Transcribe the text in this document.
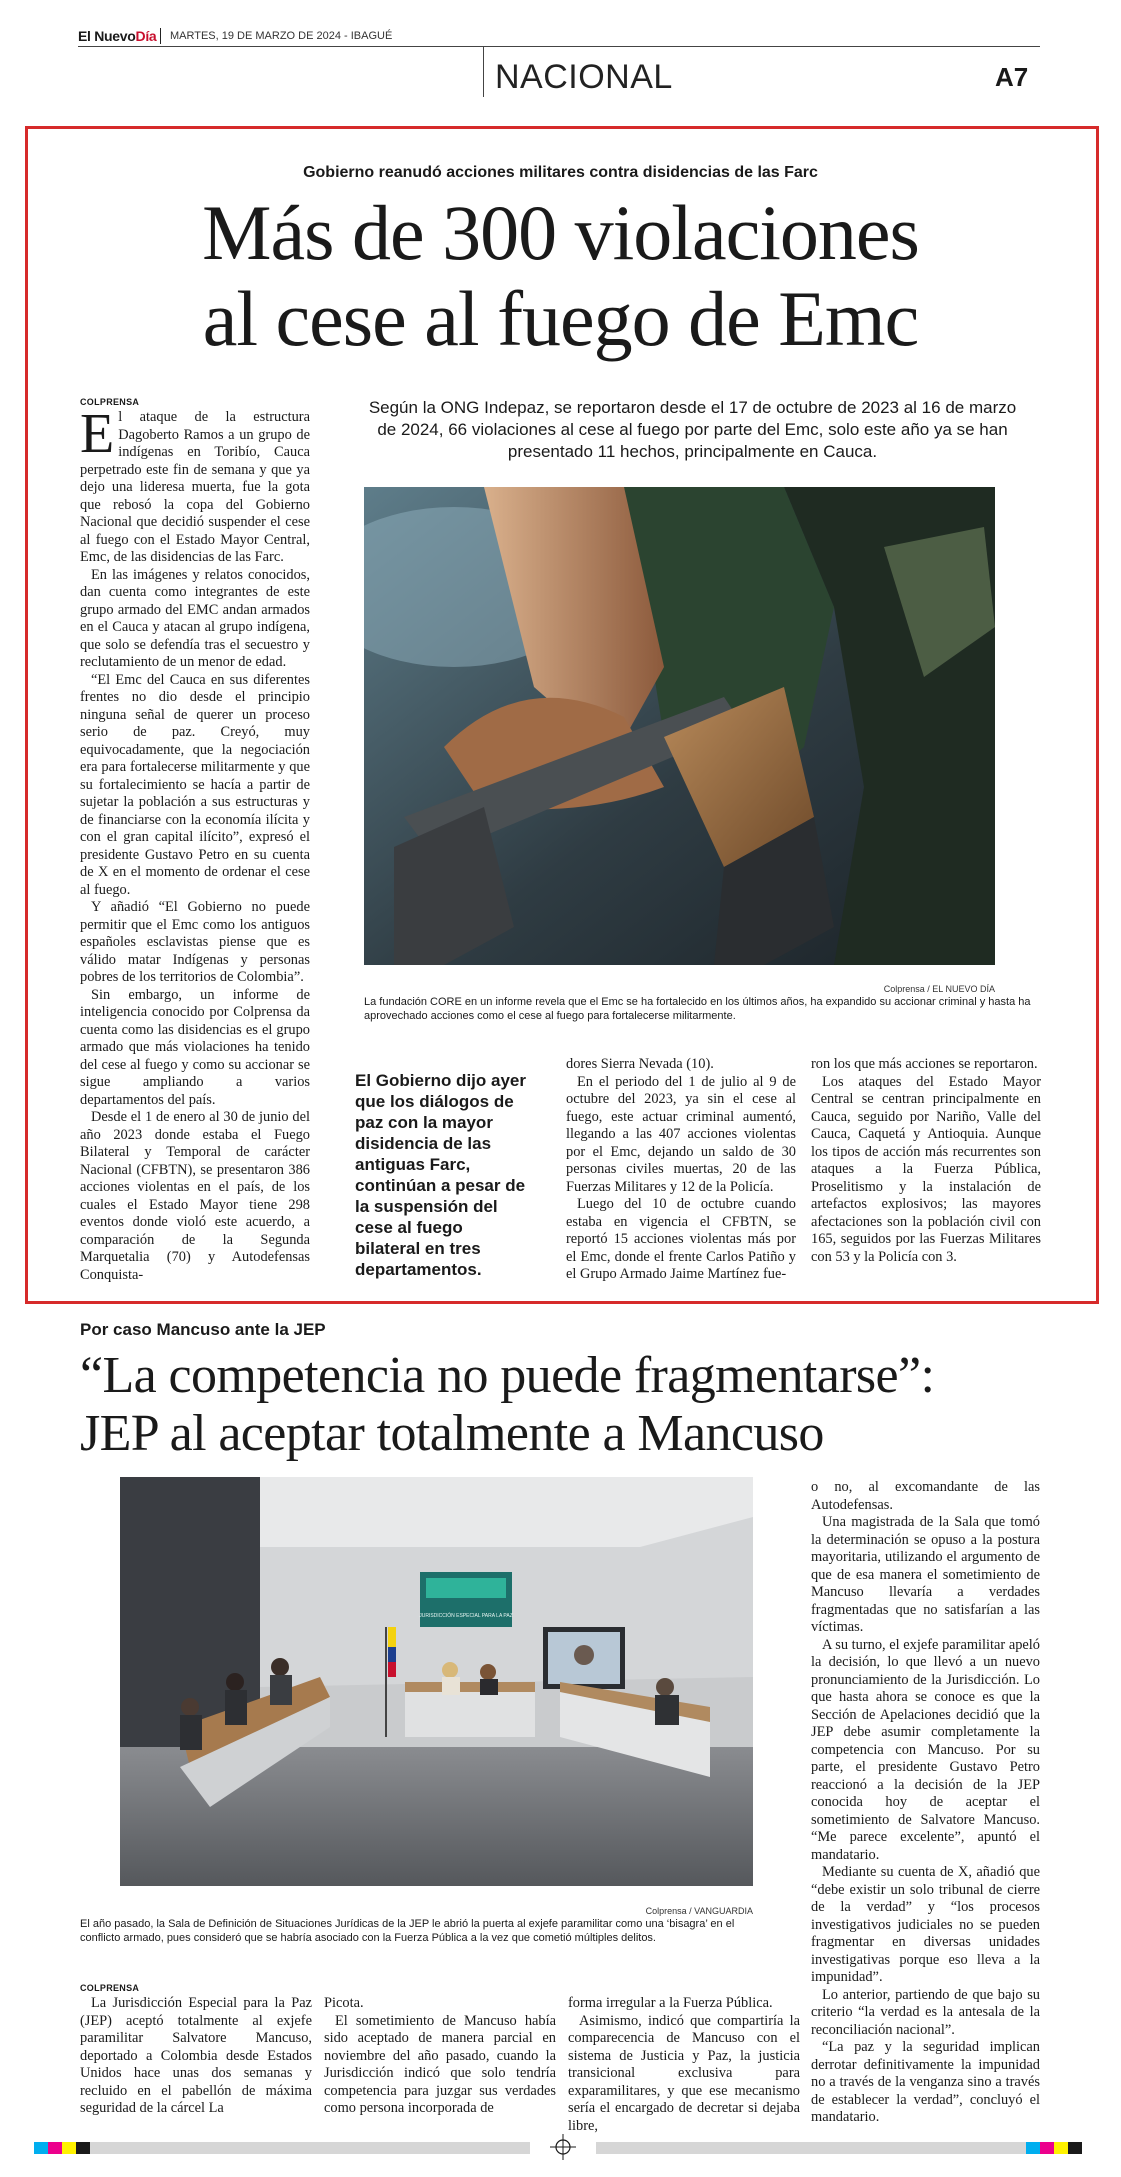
El NuevoDía MARTES, 19 DE MARZO DE 2024 - IBAGUÉ
NACIONAL	A7
Gobierno reanudó acciones militares contra disidencias de las Farc
Más de 300 violaciones
al cese al fuego de Emc
COLPRENSA

El ataque de la estructura Dagoberto Ramos a un grupo de indígenas en Toribío, Cauca perpetrado este fin de semana y que ya dejo una lideresa muerta, fue la gota que rebosó la copa del Gobierno Nacional que decidió suspender el cese al fuego con el Estado Mayor Central, Emc, de las disidencias de las Farc.

En las imágenes y relatos conocidos, dan cuenta como integrantes de este grupo armado del EMC andan armados en el Cauca y atacan al grupo indígena, que solo se defendía tras el secuestro y reclutamiento de un menor de edad.

“El Emc del Cauca en sus diferentes frentes no dio desde el principio ninguna señal de querer un proceso serio de paz. Creyó, muy equivocadamente, que la negociación era para fortalecerse militarmente y que su fortalecimiento se hacía a partir de sujetar la población a sus estructuras y de financiarse con la economía ilícita y con el gran capital ilícito”, expresó el presidente Gustavo Petro en su cuenta de X en el momento de ordenar el cese al fuego.

Y añadió “El Gobierno no puede permitir que el Emc como los antiguos españoles esclavistas piense que es válido matar Indígenas y personas pobres de los territorios de Colombia”.

Sin embargo, un informe de inteligencia conocido por Colprensa da cuenta como las disidencias es el grupo armado que más violaciones ha tenido del cese al fuego y como su accionar se sigue ampliando a varios departamentos del país.

Desde el 1 de enero al 30 de junio del año 2023 donde estaba el Fuego Bilateral y Temporal de carácter Nacional (CFBTN), se presentaron 386 acciones violentas en el país, de los cuales el Estado Mayor tiene 298 eventos donde violó este acuerdo, a comparación de la Segunda Marquetalia (70) y Autodefensas Conquista-

Según la ONG Indepaz, se reportaron desde el 17 de octubre de 2023 al 16 de marzo de 2024, 66 violaciones al cese al fuego por parte del Emc, solo este año ya se han presentado 11 hechos, principalmente en Cauca.
Colprensa / EL NUEVO DÍA
La fundación CORE en un informe revela que el Emc se ha fortalecido en los últimos años, ha expandido su accionar criminal y hasta ha aprovechado acciones como el cese al fuego para fortalecerse militarmente.
El Gobierno dijo ayer que los diálogos de paz con la mayor disidencia de las antiguas Farc, continúan a pesar de la suspensión del cese al fuego bilateral en tres departamentos.

dores Sierra Nevada (10).

En el periodo del 1 de julio al 9 de octubre del 2023, ya sin el cese al fuego, este actuar criminal aumentó, llegando a las 407 acciones violentas por el Emc, dejando un saldo de 30 personas civiles muertas, 20 de las Fuerzas Militares y 12 de la Policía.

Luego del 10 de octubre cuando estaba en vigencia el CFBTN, se reportó 15 acciones violentas más por el Emc, donde el frente Carlos Patiño y el Grupo Armado Jaime Martínez fue-

ron los que más acciones se reportaron.

Los ataques del Estado Mayor Central se centran principalmente en Cauca, seguido por Nariño, Valle del Cauca, Caquetá y Antioquia. Aunque los tipos de acción más recurrentes son ataques a la Fuerza Pública, Proselitismo y la instalación de artefactos explosivos; las mayores afectaciones son la población civil con 165, seguidos por las Fuerzas Militares con 53 y la Policía con 3.

Por caso Mancuso ante la JEP
“La competencia no puede fragmentarse”:
JEP al aceptar totalmente a Mancuso
JURISDICCIÓN ESPECIAL PARA LA PAZ
Colprensa / VANGUARDIA
El año pasado, la Sala de Definición de Situaciones Jurídicas de la JEP le abrió la puerta al exjefe paramilitar como una ‘bisagra’ en el conflicto armado, pues consideró que se habría asociado con la Fuerza Pública a la vez que cometió múltiples delitos.
COLPRENSA

La Jurisdicción Especial para la Paz (JEP) aceptó totalmente al exjefe paramilitar Salvatore Mancuso, deportado a Colombia desde Estados Unidos hace unas dos semanas y recluido en el pabellón de máxima seguridad de la cárcel La

Picota.

El sometimiento de Mancuso había sido aceptado de manera parcial en noviembre del año pasado, cuando la Jurisdicción indicó que solo tendría competencia para juzgar sus verdades como persona incorporada de

forma irregular a la Fuerza Pública.

Asimismo, indicó que compartiría la comparecencia de Mancuso con el sistema de Justicia y Paz, la justicia transicional exclusiva para exparamilitares, y que ese mecanismo sería el encargado de decretar si dejaba libre,

o no, al excomandante de las Autodefensas.

Una magistrada de la Sala que tomó la determinación se opuso a la postura mayoritaria, utilizando el argumento de que de esa manera el sometimiento de Mancuso llevaría a verdades fragmentadas que no satisfarían a las víctimas.

A su turno, el exjefe paramilitar apeló la decisión, lo que llevó a un nuevo pronunciamiento de la Jurisdicción. Lo que hasta ahora se conoce es que la Sección de Apelaciones decidió que la JEP debe asumir completamente la competencia con Mancuso. Por su parte, el presidente Gustavo Petro reaccionó a la decisión de la JEP conocida hoy de aceptar el sometimiento de Salvatore Mancuso. “Me parece excelente”, apuntó el mandatario.

Mediante su cuenta de X, añadió que “debe existir un solo tribunal de cierre de la verdad” y “los procesos investigativos judiciales no se pueden fragmentar en diversas unidades investigativas porque eso lleva a la impunidad”.

Lo anterior, partiendo de que bajo su criterio “la verdad es la antesala de la reconciliación nacional”.

“La paz y la seguridad implican derrotar definitivamente la impunidad no a través de la venganza sino a través de establecer la verdad”, concluyó el mandatario.
